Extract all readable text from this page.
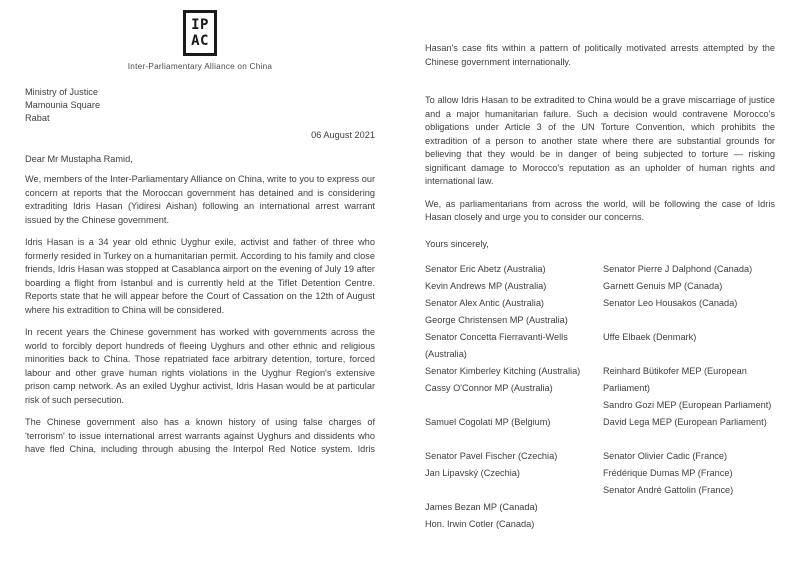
IP
AC
Inter-Parliamentary Alliance on China
Ministry of Justice
Mamounia Square
Rabat
06 August 2021
Dear Mr Mustapha Ramid,

We, members of the Inter-Parliamentary Alliance on China, write to you to express our concern at reports that the Moroccan government has detained and is considering extraditing Idris Hasan (Yidiresi Aishan) following an international arrest warrant issued by the Chinese government.

Idris Hasan is a 34 year old ethnic Uyghur exile, activist and father of three who formerly resided in Turkey on a humanitarian permit. According to his family and close friends, Idris Hasan was stopped at Casablanca airport on the evening of July 19 after boarding a flight from Istanbul and is currently held at the Tiflet Detention Centre. Reports state that he will appear before the Court of Cassation on the 12th of August where his extradition to China will be considered.

In recent years the Chinese government has worked with governments across the world to forcibly deport hundreds of fleeing Uyghurs and other ethnic and religious minorities back to China. Those repatriated face arbitrary detention, torture, forced labour and other grave human rights violations in the Uyghur Region's extensive prison camp network. As an exiled Uyghur activist, Idris Hasan would be at particular risk of such persecution.

The Chinese government also has a known history of using false charges of 'terrorism' to issue international arrest warrants against Uyghurs and dissidents who have fled China, including through abusing the Interpol Red Notice system. Idris

Hasan's case fits within a pattern of politically motivated arrests attempted by the Chinese government internationally.

To allow Idris Hasan to be extradited to China would be a grave miscarriage of justice and a major humanitarian failure. Such a decision would contravene Morocco's obligations under Article 3 of the UN Torture Convention, which prohibits the extradition of a person to another state where there are substantial grounds for believing that they would be in danger of being subjected to torture — risking significant damage to Morocco's reputation as an upholder of human rights and international law.

We, as parliamentarians from across the world, will be following the case of Idris Hasan closely and urge you to consider our concerns.

Yours sincerely,
Senator Eric Abetz (Australia)
Kevin Andrews MP (Australia)
Senator Alex Antic (Australia)
George Christensen MP (Australia)
Senator Concetta Fierravanti-Wells (Australia)
Senator Kimberley Kitching (Australia)
Cassy O'Connor MP (Australia)
Samuel Cogolati MP (Belgium)
Senator Pavel Fischer (Czechia)
Jan Lipavský (Czechia)
James Bezan MP (Canada)
Hon. Irwin Cotler (Canada)
Senator Pierre J Dalphond (Canada)
Garnett Genuis MP (Canada)
Senator Leo Housakos (Canada)
Uffe Elbaek (Denmark)
Reinhard Bütikofer MEP (European Parliament)
Sandro Gozi MEP (European Parliament)
David Lega MEP (European Parliament)
Senator Olivier Cadic (France)
Frédérique Dumas MP (France)
Senator André Gattolin (France)
